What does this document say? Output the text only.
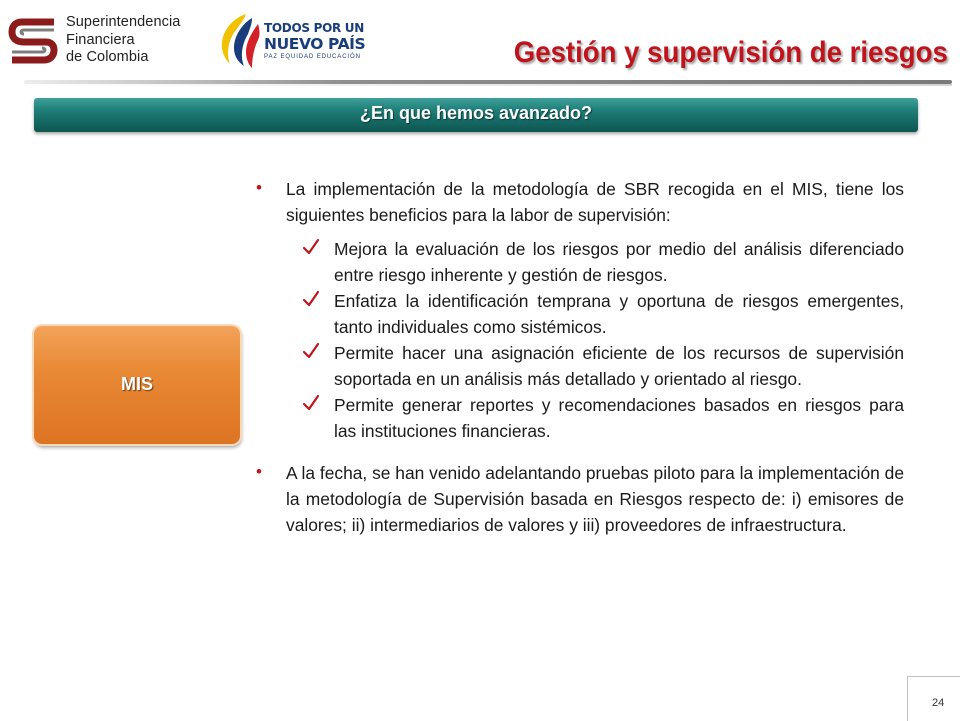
Superintendencia
Financiera
de Colombia
TODOS POR UN
NUEVO PAÍS
PAZ EQUIDAD EDUCACIÓN	Gestión y supervisión de riesgos
¿En que hemos avanzado?
MIS
• La implementación de la metodología de SBR recogida en el MIS, tiene los siguientes beneficios para la labor de supervisión:
Mejora la evaluación de los riesgos por medio del análisis diferenciado entre riesgo inherente y gestión de riesgos.
Enfatiza la identificación temprana y oportuna de riesgos emergentes, tanto individuales como sistémicos.
Permite hacer una asignación eficiente de los recursos de supervisión soportada en un análisis más detallado y orientado al riesgo.
Permite generar reportes y recomendaciones basados en riesgos para las instituciones financieras.
• A la fecha, se han venido adelantando pruebas piloto para la implementación de la metodología de Supervisión basada en Riesgos respecto de: i) emisores de valores; ii) intermediarios de valores y iii) proveedores de infraestructura.
24
